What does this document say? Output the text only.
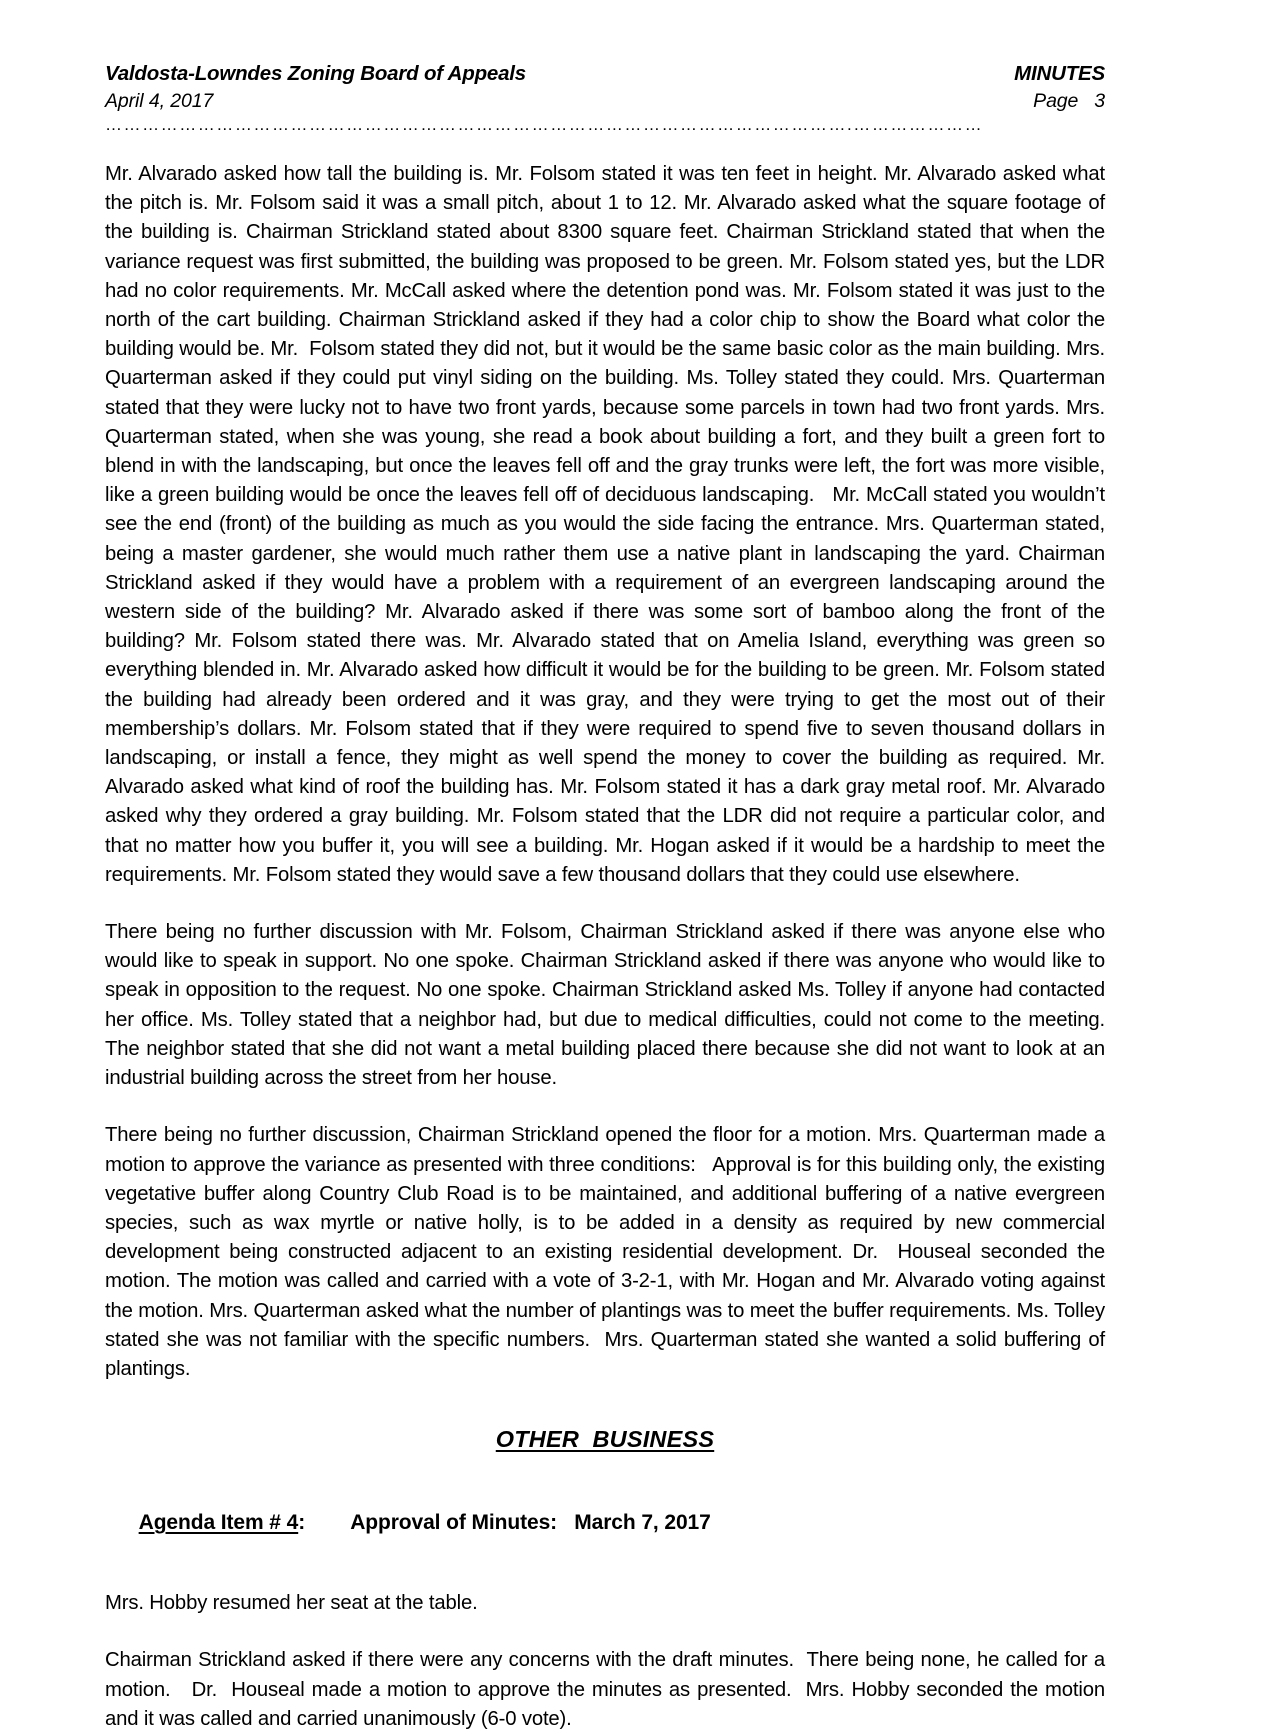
Valdosta-Lowndes Zoning Board of Appeals	MINUTES
April 4, 2017	Page   3
………………………………………………………………………………………………………….…………………

Mr. Alvarado asked how tall the building is. Mr. Folsom stated it was ten feet in height. Mr. Alvarado asked what the pitch is. Mr. Folsom said it was a small pitch, about 1 to 12. Mr. Alvarado asked what the square footage of the building is. Chairman Strickland stated about 8300 square feet. Chairman Strickland stated that when the variance request was first submitted, the building was proposed to be green. Mr. Folsom stated yes, but the LDR had no color requirements. Mr. McCall asked where the detention pond was. Mr. Folsom stated it was just to the north of the cart building. Chairman Strickland asked if they had a color chip to show the Board what color the building would be. Mr.  Folsom stated they did not, but it would be the same basic color as the main building. Mrs. Quarterman asked if they could put vinyl siding on the building. Ms. Tolley stated they could. Mrs. Quarterman stated that they were lucky not to have two front yards, because some parcels in town had two front yards. Mrs. Quarterman stated, when she was young, she read a book about building a fort, and they built a green fort to blend in with the landscaping, but once the leaves fell off and the gray trunks were left, the fort was more visible, like a green building would be once the leaves fell off of deciduous landscaping.   Mr. McCall stated you wouldn’t see the end (front) of the building as much as you would the side facing the entrance. Mrs. Quarterman stated, being a master gardener, she would much rather them use a native plant in landscaping the yard. Chairman Strickland asked if they would have a problem with a requirement of an evergreen landscaping around the western side of the building? Mr. Alvarado asked if there was some sort of bamboo along the front of the building? Mr. Folsom stated there was. Mr. Alvarado stated that on Amelia Island, everything was green so everything blended in. Mr. Alvarado asked how difficult it would be for the building to be green. Mr. Folsom stated the building had already been ordered and it was gray, and they were trying to get the most out of their membership’s dollars. Mr. Folsom stated that if they were required to spend five to seven thousand dollars in landscaping, or install a fence, they might as well spend the money to cover the building as required. Mr. Alvarado asked what kind of roof the building has. Mr. Folsom stated it has a dark gray metal roof. Mr. Alvarado asked why they ordered a gray building. Mr. Folsom stated that the LDR did not require a particular color, and that no matter how you buffer it, you will see a building. Mr. Hogan asked if it would be a hardship to meet the requirements. Mr. Folsom stated they would save a few thousand dollars that they could use elsewhere.

There being no further discussion with Mr. Folsom, Chairman Strickland asked if there was anyone else who would like to speak in support. No one spoke. Chairman Strickland asked if there was anyone who would like to speak in opposition to the request. No one spoke. Chairman Strickland asked Ms. Tolley if anyone had contacted her office. Ms. Tolley stated that a neighbor had, but due to medical difficulties, could not come to the meeting. The neighbor stated that she did not want a metal building placed there because she did not want to look at an industrial building across the street from her house.

There being no further discussion, Chairman Strickland opened the floor for a motion. Mrs. Quarterman made a motion to approve the variance as presented with three conditions:   Approval is for this building only, the existing vegetative buffer along Country Club Road is to be maintained, and additional buffering of a native evergreen species, such as wax myrtle or native holly, is to be added in a density as required by new commercial development being constructed adjacent to an existing residential development. Dr.  Houseal seconded the motion. The motion was called and carried with a vote of 3-2-1, with Mr. Hogan and Mr. Alvarado voting against the motion. Mrs. Quarterman asked what the number of plantings was to meet the buffer requirements. Ms. Tolley stated she was not familiar with the specific numbers.  Mrs. Quarterman stated she wanted a solid buffering of plantings.

OTHER  BUSINESS

Agenda Item # 4:        Approval of Minutes:   March 7, 2017

Mrs. Hobby resumed her seat at the table.

Chairman Strickland asked if there were any concerns with the draft minutes.  There being none, he called for a motion.   Dr.  Houseal made a motion to approve the minutes as presented.  Mrs. Hobby seconded the motion and it was called and carried unanimously (6-0 vote).
